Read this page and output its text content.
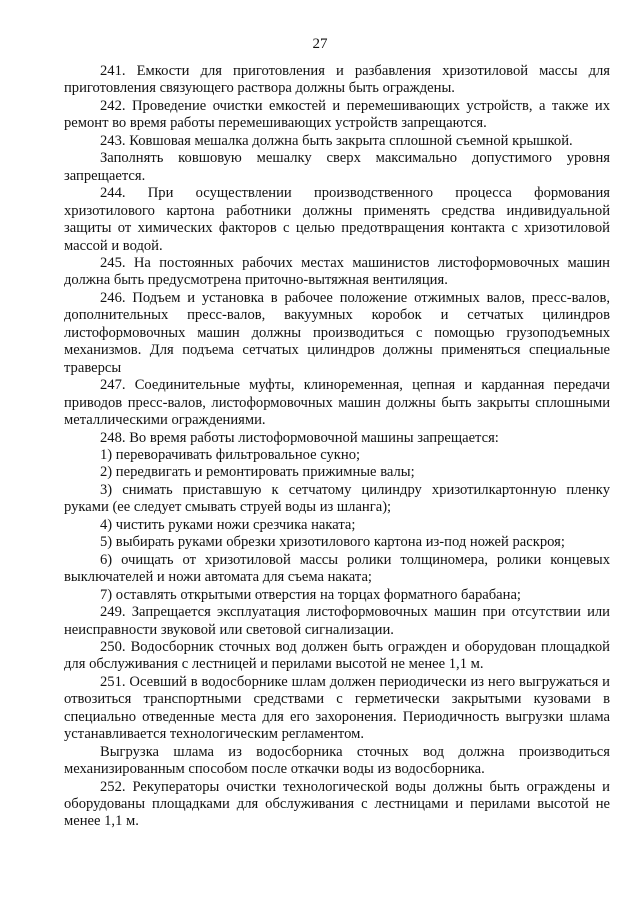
27

241. Емкости для приготовления и разбавления хризотиловой массы для приготовления связующего раствора должны быть ограждены.

242. Проведение очистки емкостей и перемешивающих устройств, а также их ремонт во время работы перемешивающих устройств запрещаются.

243. Ковшовая мешалка должна быть закрыта сплошной съемной крышкой.

Заполнять ковшовую мешалку сверх максимально допустимого уровня запрещается.

244. При осуществлении производственного процесса формования хризотилового картона работники должны применять средства индивидуальной защиты от химических факторов с целью предотвращения контакта с хризотиловой массой и водой.

245. На постоянных рабочих местах машинистов листоформовочных машин должна быть предусмотрена приточно-вытяжная вентиляция.

246. Подъем и установка в рабочее положение отжимных валов, пресс-валов, дополнительных пресс-валов, вакуумных коробок и сетчатых цилиндров листоформовочных машин должны производиться с помощью грузоподъемных механизмов. Для подъема сетчатых цилиндров должны применяться специальные траверсы

247. Соединительные муфты, клиноременная, цепная и карданная передачи приводов пресс-валов, листоформовочных машин должны быть закрыты сплошными металлическими ограждениями.

248. Во время работы листоформовочной машины запрещается:

1) переворачивать фильтровальное сукно;

2) передвигать и ремонтировать прижимные валы;

3) снимать приставшую к сетчатому цилиндру хризотилкартонную пленку руками (ее следует смывать струей воды из шланга);

4) чистить руками ножи срезчика наката;

5) выбирать руками обрезки хризотилового картона из-под ножей раскроя;

6) очищать от хризотиловой массы ролики толщиномера, ролики концевых выключателей и ножи автомата для съема наката;

7) оставлять открытыми отверстия на торцах форматного барабана;

249. Запрещается эксплуатация листоформовочных машин при отсутствии или неисправности звуковой или световой сигнализации.

250. Водосборник сточных вод должен быть огражден и оборудован площадкой для обслуживания с лестницей и перилами высотой не менее 1,1 м.

251. Осевший в водосборнике шлам должен периодически из него выгружаться и отвозиться транспортными средствами с герметически закрытыми кузовами в специально отведенные места для его захоронения. Периодичность выгрузки шлама устанавливается технологическим регламентом.

Выгрузка шлама из водосборника сточных вод должна производиться механизированным способом после откачки воды из водосборника.

252. Рекуператоры очистки технологической воды должны быть ограждены и оборудованы площадками для обслуживания с лестницами и перилами высотой не менее 1,1 м.
